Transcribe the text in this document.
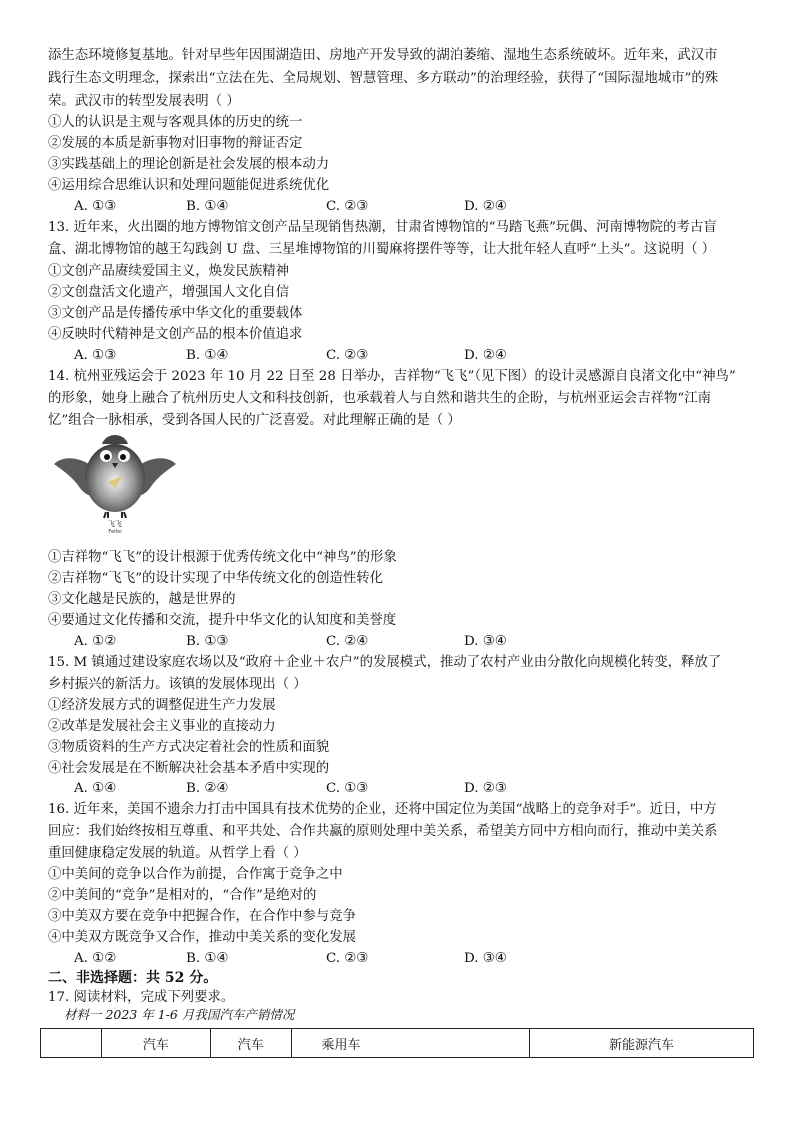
添生态环境修复基地。针对早些年因围湖造田、房地产开发导致的湖泊萎缩、湿地生态系统破坏。近年来，武汉市
践行生态文明理念，探索出“立法在先、全局规划、智慧管理、多方联动”的治理经验，获得了“国际湿地城市”的殊
荣。武汉市的转型发展表明（ ）
①人的认识是主观与客观具体的历史的统一
②发展的本质是新事物对旧事物的辩证否定
③实践基础上的理论创新是社会发展的根本动力
④运用综合思维认识和处理问题能促进系统优化
A. ①③	B. ①④	C. ②③	D. ②④
13. 近年来，火出圈的地方博物馆文创产品呈现销售热潮，甘肃省博物馆的“马踏飞燕”玩偶、河南博物院的考古盲
盒、湖北博物馆的越王勾践剑 U 盘、三星堆博物馆的川蜀麻将摆件等等，让大批年轻人直呼“上头”。这说明（ ）
①文创产品赓续爱国主义，焕发民族精神
②文创盘活文化遗产，增强国人文化自信
③文创产品是传播传承中华文化的重要载体
④反映时代精神是文创产品的根本价值追求
A. ①③	B. ①④	C. ②③	D. ②④
14. 杭州亚残运会于 2023 年 10 月 22 日至 28 日举办，吉祥物“飞飞”（见下图）的设计灵感源自良渚文化中“神鸟”
的形象，她身上融合了杭州历史人文和科技创新，也承载着人与自然和谐共生的企盼，与杭州亚运会吉祥物“江南
忆”组合一脉相承，受到各国人民的广泛喜爱。对此理解正确的是（ ）
飞飞
Feifei
①吉祥物“飞飞”的设计根源于优秀传统文化中“神鸟”的形象
②吉祥物“飞飞”的设计实现了中华传统文化的创造性转化
③文化越是民族的，越是世界的
④要通过文化传播和交流，提升中华文化的认知度和美誉度
A. ①②	B. ①③	C. ②④	D. ③④
15. M 镇通过建设家庭农场以及“政府＋企业＋农户”的发展模式，推动了农村产业由分散化向规模化转变，释放了
乡村振兴的新活力。该镇的发展体现出（ ）
①经济发展方式的调整促进生产力发展
②改革是发展社会主义事业的直接动力
③物质资料的生产方式决定着社会的性质和面貌
④社会发展是在不断解决社会基本矛盾中实现的
A. ①④	B. ②④	C. ①③	D. ②③
16. 近年来，美国不遗余力打击中国具有技术优势的企业，还将中国定位为美国“战略上的竞争对手”。近日，中方
回应：我们始终按相互尊重、和平共处、合作共赢的原则处理中美关系，希望美方同中方相向而行，推动中美关系
重回健康稳定发展的轨道。从哲学上看（ ）
①中美间的竞争以合作为前提，合作寓于竞争之中
②中美间的“竞争”是相对的，“合作”是绝对的
③中美双方要在竞争中把握合作，在合作中参与竞争
④中美双方既竞争又合作，推动中美关系的变化发展
A. ①②	B. ①④	C. ②③	D. ③④
二、非选择题：共 52 分。
17. 阅读材料，完成下列要求。
材料一 2023 年 1-6 月我国汽车产销情况
	汽车	汽车	乘用车	新能源汽车
